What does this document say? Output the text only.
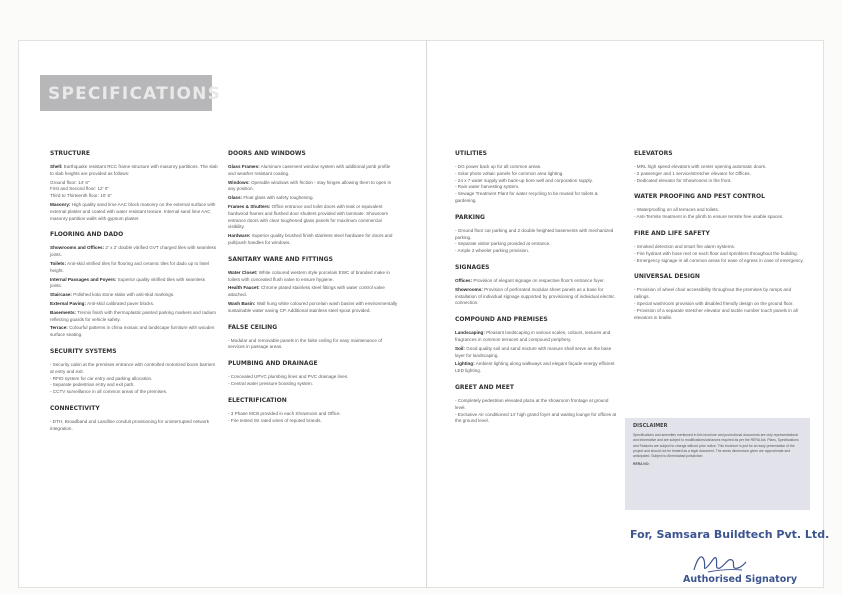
SPECIFICATIONS
STRUCTURE

Shell: Earthquake resistant RCC frame structure with masonry partitions. The slab to slab heights are provided as follows:

Ground floor: 14' 6"

First and Second floor: 12' 0"

Third to Thirteenth floor: 10' 6"

Masonry: High quality sand lime AAC block masonry on the external surface with external plaster and coated with water resistant texture. Internal sand lime AAC masonry partition walls with gypsum plaster.

FLOORING AND DADO

Showrooms and Offices: 2' x 2' double vitrified GVT charged tiles with seamless joints.

Toilets: Anti-skid vitrified tiles for flooring and ceramic tiles for dado up to lintel height.

Internal Passages and Foyers: Superior quality vitrified tiles with seamless joints.

Staircase: Polished kota stone slabs with anti-skid markings.

External Paving: Anti-skid calibrated paver blocks.

Basements: Tremix finish with thermoplastic painted parking markers and radium reflecting guards for vehicle safety.

Terrace: Colourful patterns in china mosaic and landscape furniture with wooden surface seating.

SECURITY SYSTEMS
- Security cabin at the premises entrance with controlled motorized boom barriers at entry and exit.
- RFID system for car entry and parking allocation.
- Separate pedestrian entry and exit path.
- CCTV surveillance in all common areas of the premises.
CONNECTIVITY
- DTH, Broadband and Landline conduit provisioning for uninterrupted network integration.
DOORS AND WINDOWS

Glass Frames: Aluminum casement window system with additional jamb profile and weather resistant coating.

Windows: Operable windows with friction - stay hinges allowing them to open in any position.

Glass: Float glass with safety toughening.

Frames & Shutters: Office entrance and toilet doors with teak or equivalent hardwood frames and flushed door shutters provided with laminate. Showroom entrance doors with clear toughened glass panels for maximum commercial visibility.

Hardware: Superior quality brushed finish stainless steel hardware for doors and pull/push handles for windows.

SANITARY WARE AND FITTINGS

Water Closet: White coloured western style porcelain EWC of branded make in toilets with concealed flush valve to ensure hygiene.

Health Faucet: Chrome plated stainless steel fittings with water control valve attached.

Wash Basin: Wall hung white coloured porcelain wash basins with environmentally sustainable water saving CP. Additional stainless steel spout provided.

FALSE CEILING
- Modular and removable panels in the false ceiling for easy maintenance of services in passage areas.
PLUMBING AND DRAINAGE
- Concealed UPVC plumbing lines and PVC drainage lines.
- Central water pressure boosting system.
ELECTRIFICATION
- 3 Phase MCB provided in each Showroom and Office.
- Fire tested ISI rated wires of reputed brands.
UTILITIES
- DG power back up for all common areas.
- Solar photo voltaic panels for common area lighting.
- 24 x 7 water supply with back-up bore well and corporation supply.
- Rain water harvesting system.
- Sewage Treatment Plant for water recycling to be reused for toilets & gardening.
PARKING
- Ground floor car parking and 2 double heighted basements with mechanized parking.
- Separate visitor parking provided at entrance.
- Ample 2 wheeler parking provision.
SIGNAGES

Offices: Provision of elegant signage on respective floor's entrance foyer.

Showrooms: Provision of perforated modular sheet panels as a base for installation of individual signage supported by provisioning of individual electric connection.

COMPOUND AND PREMISES

Landscaping: Pleasant landscaping in various scales, colours, textures and fragrances in common terraces and compound periphery.

Soil: Good quality soil and sand mixture with manure shall serve as the base layer for landscaping.

Lighting: Ambient lighting along walkways and elegant façade energy efficient LED lighting.

GREET AND MEET
- Completely pedestrian elevated plaza at the showroom frontage at ground level.
- Exclusive Air conditioned 14' high grand foyer and waiting lounge for offices at the ground level.
ELEVATORS
- MRL high speed elevators with center opening automatic doors.
- 2 passenger and 1 service/stretcher elevator for Offices.
- Dedicated elevator for Showrooms in the front.
WATER PROOFING AND PEST CONTROL
- Waterproofing on all terraces and toilets.
- Anti-Termite treatment in the plinth to ensure termite free usable spaces.
FIRE AND LIFE SAFETY
- Smoked detection and smart fire alarm systems.
- Fire hydrant with hose reel on each floor and sprinklers throughout the building.
- Emergency signage in all common areas for ease of egress in case of emergency.
UNIVERSAL DESIGN
- Provision of wheel chair accessibility throughout the premises by ramps and railings.
- Special washroom provision with disabled friendly design on the ground floor.
- Provision of a separate stretcher elevator and tactile number touch panels in all elevators in braille.
DISCLAIMER

Specifications and amenities mentioned in this brochure and promotional documents are only representational and informative and are subject to modifications/variances required as per the RERA Act. Plans, Specifications and Features are subject to change without prior notice. This brochure is just for an easy presentation of the project and should not be treated as a legal document. The areas dimensions given are approximate and anticipated. Subject to Ahmedabad jurisdiction.

RERA NO:

For, Samsara Buildtech Pvt. Ltd.
Authorised Signatory
